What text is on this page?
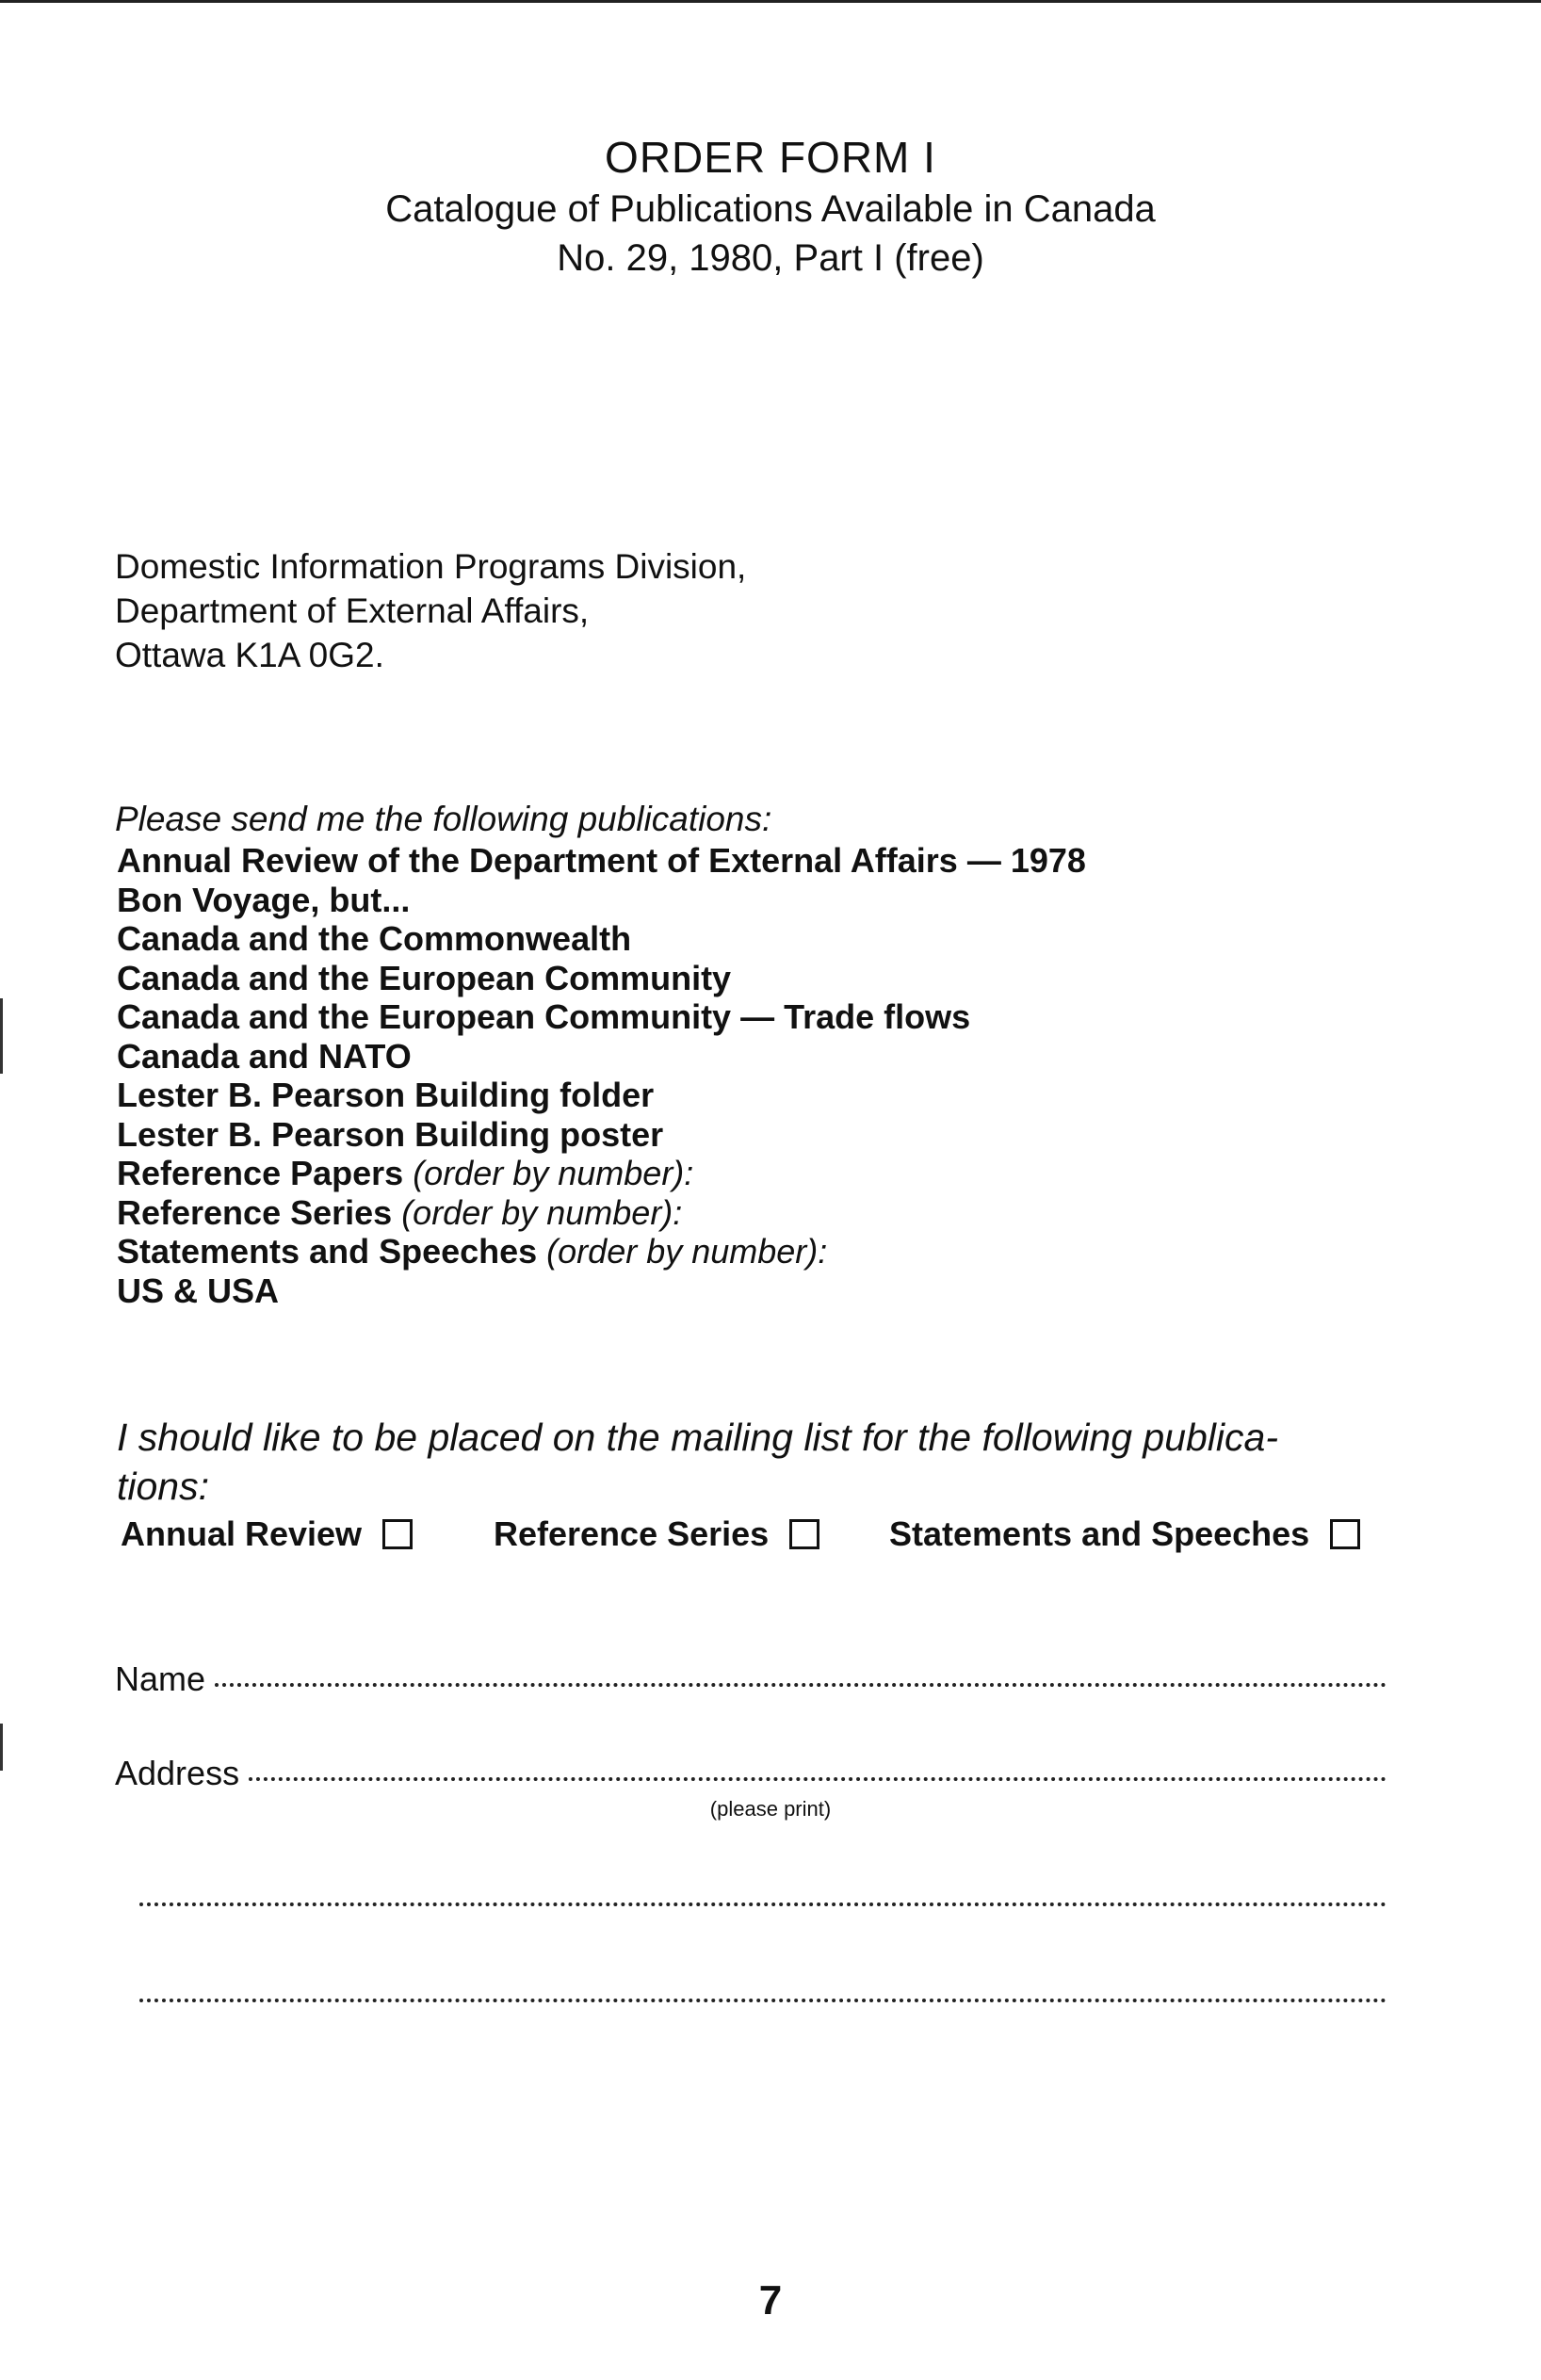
ORDER FORM I
Catalogue of Publications Available in Canada
No. 29, 1980, Part I (free)
Domestic Information Programs Division,
Department of External Affairs,
Ottawa K1A 0G2.
Please send me the following publications:
Annual Review of the Department of External Affairs — 1978
Bon Voyage, but...
Canada and the Commonwealth
Canada and the European Community
Canada and the European Community — Trade flows
Canada and NATO
Lester B. Pearson Building folder
Lester B. Pearson Building poster
Reference Papers (order by number):
Reference Series (order by number):
Statements and Speeches (order by number):
US & USA
I should like to be placed on the mailing list for the following publica-
tions:
Annual Review	Reference Series	Statements and Speeches
Name
Address
(please print)
7
